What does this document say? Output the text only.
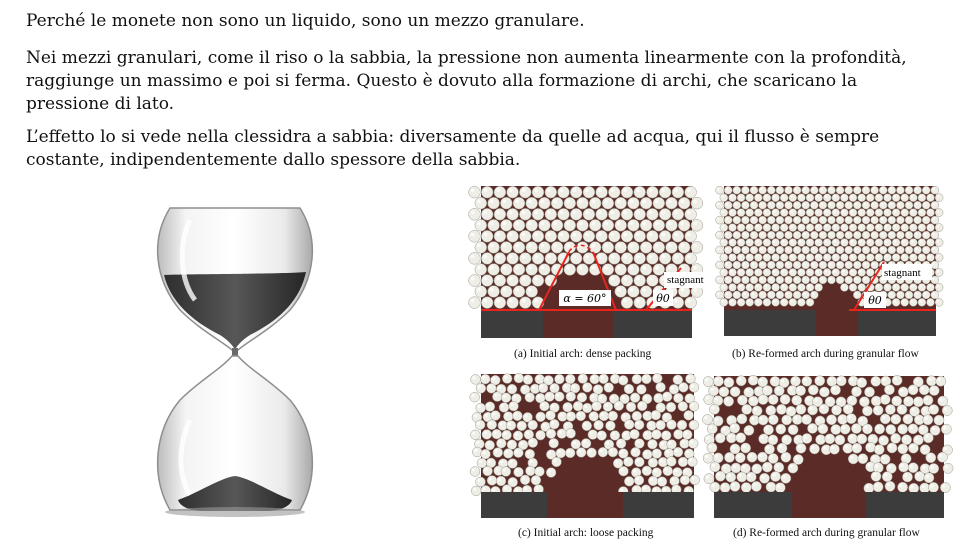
Perché le monete non sono un liquido, sono un mezzo granulare.

Nei mezzi granulari, come il riso o la sabbia, la pressione non aumenta linearmente con la profondità, raggiunge un massimo e poi si ferma. Questo è dovuto alla formazione di archi, che scaricano la pressione di lato.

L’effetto lo si vede nella clessidra a sabbia: diversamente da quelle ad acqua, qui il flusso è sempre costante, indipendentemente dallo spessore della sabbia.

α = 60°	θ0
stagnant
(a) Initial arch: dense packing
θ0
stagnant
(b) Re-formed arch during granular flow
(c) Initial arch: loose packing	(d) Re-formed arch during granular flow
